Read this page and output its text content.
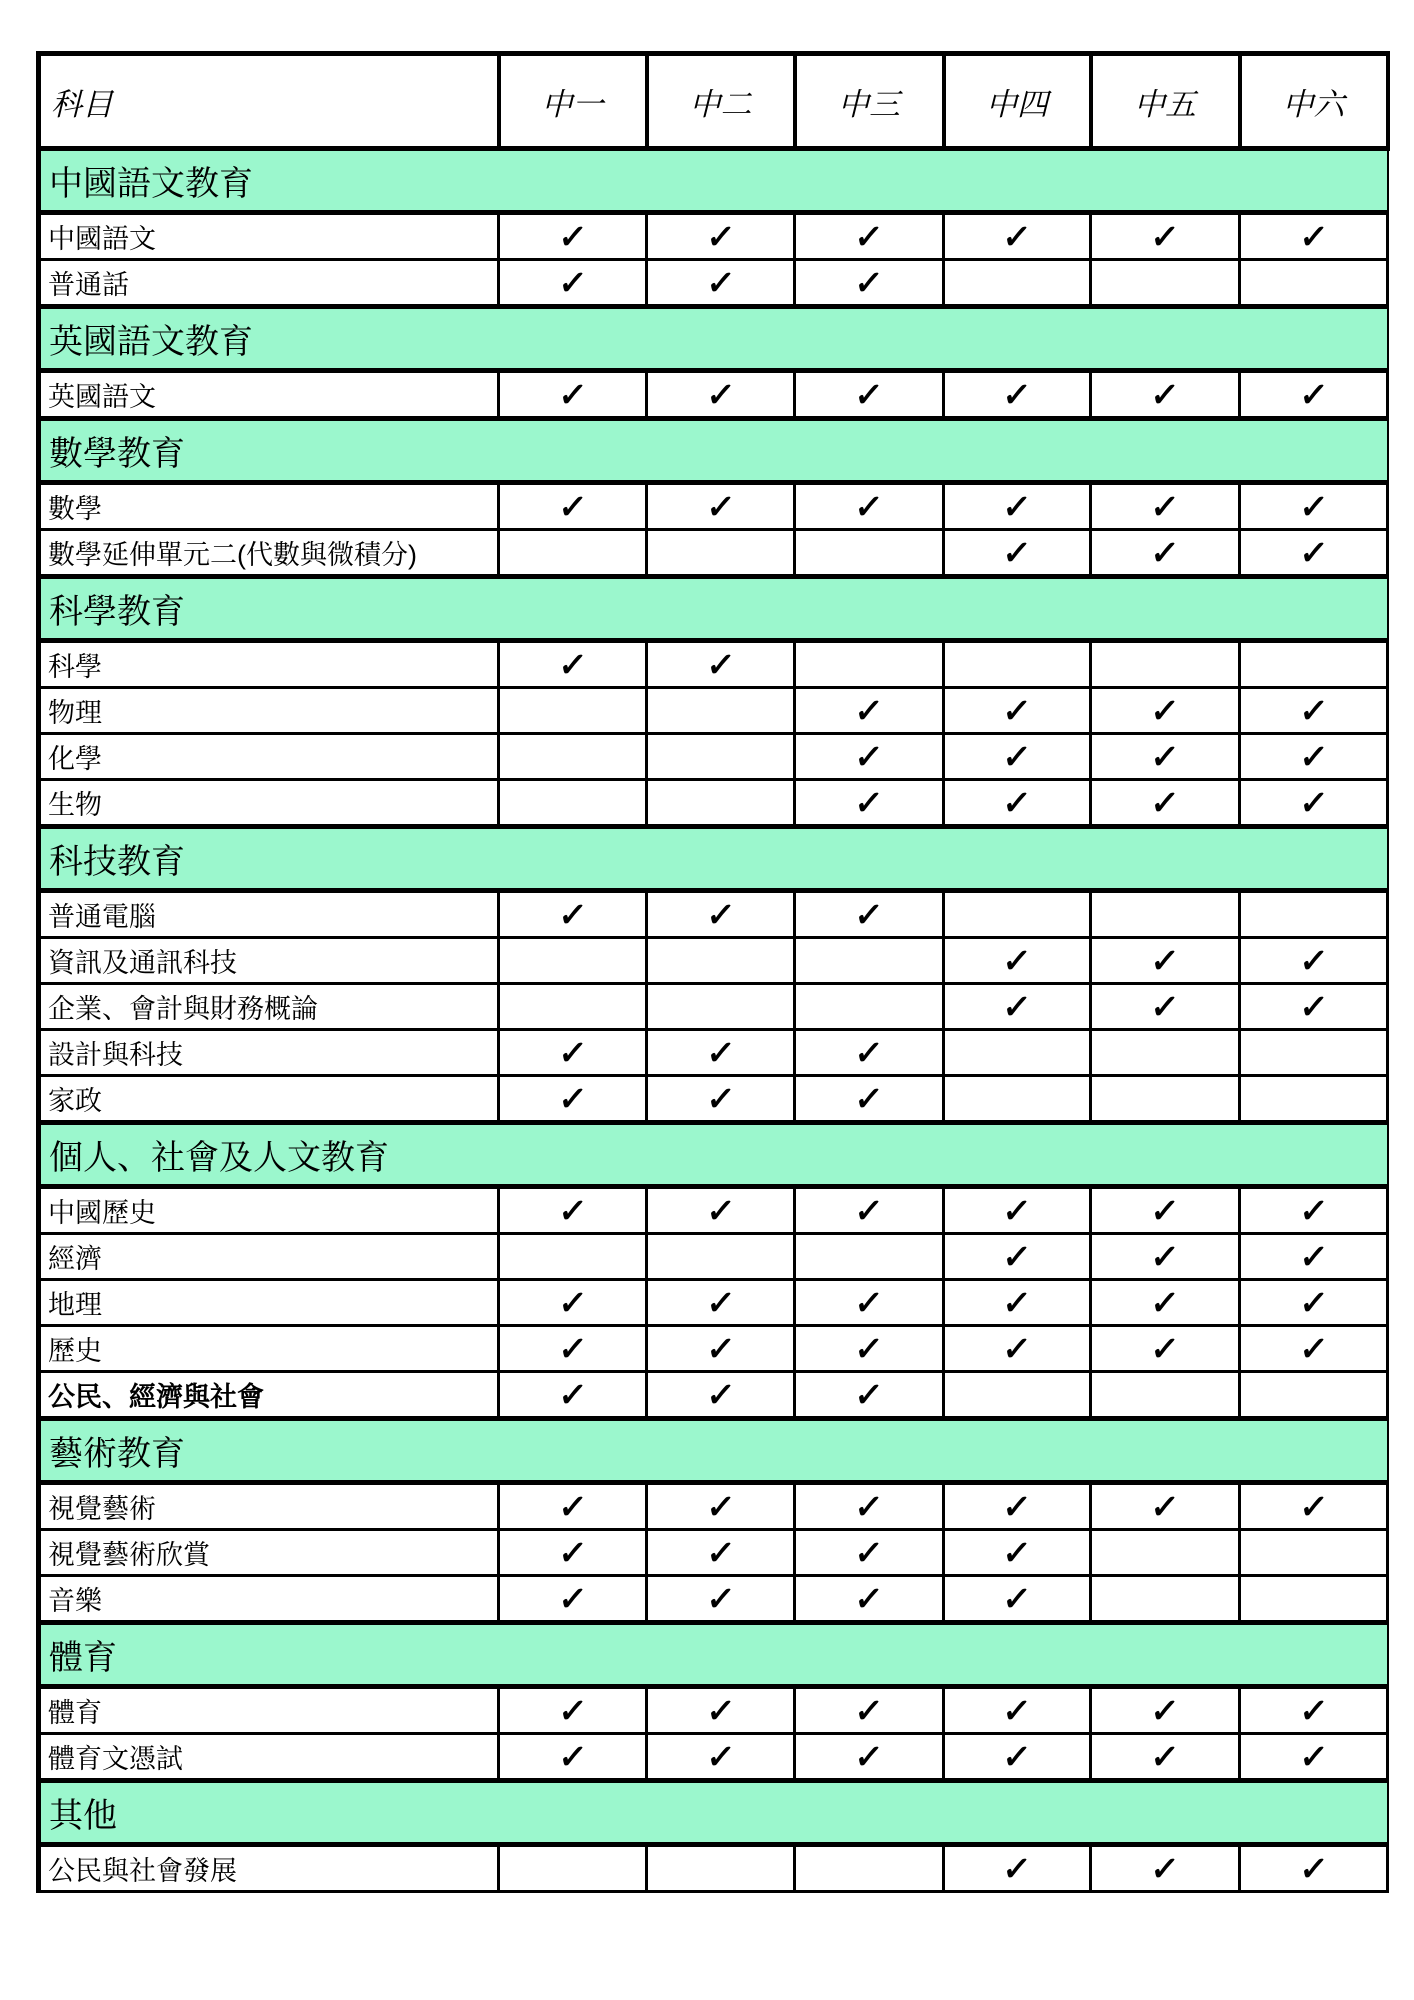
科目	中一	中二	中三	中四	中五	中六
中國語文教育						
中國語文	✓	✓	✓	✓	✓	✓
普通話	✓	✓	✓			
英國語文教育						
英國語文	✓	✓	✓	✓	✓	✓
數學教育						
數學	✓	✓	✓	✓	✓	✓
數學延伸單元二(代數與微積分)				✓	✓	✓
科學教育						
科學	✓	✓				
物理			✓	✓	✓	✓
化學			✓	✓	✓	✓
生物			✓	✓	✓	✓
科技教育						
普通電腦	✓	✓	✓			
資訊及通訊科技				✓	✓	✓
企業、會計與財務概論				✓	✓	✓
設計與科技	✓	✓	✓			
家政	✓	✓	✓			
個人、社會及人文教育						
中國歷史	✓	✓	✓	✓	✓	✓
經濟				✓	✓	✓
地理	✓	✓	✓	✓	✓	✓
歷史	✓	✓	✓	✓	✓	✓
公民、經濟與社會	✓	✓	✓			
藝術教育						
視覺藝術	✓	✓	✓	✓	✓	✓
視覺藝術欣賞	✓	✓	✓	✓		
音樂	✓	✓	✓	✓		
體育						
體育	✓	✓	✓	✓	✓	✓
體育文憑試	✓	✓	✓	✓	✓	✓
其他						
公民與社會發展				✓	✓	✓
